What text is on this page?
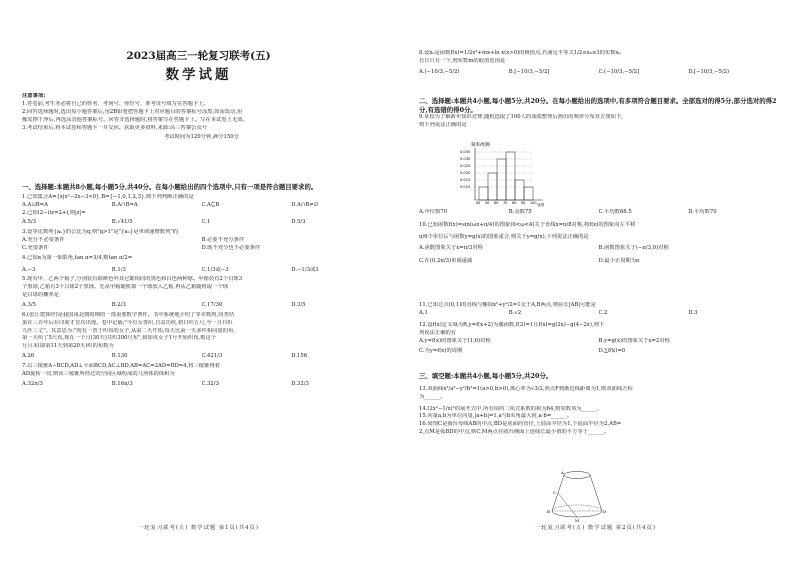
2023届高三一轮复习联考(五)
数学试题
注意事项:
1.答卷前,考生务必将自己的姓名、考场号、座位号、准考证号填写在答题卡上。
2.回答选择题时,选出每小题答案后,用2B铅笔把答题卡上对应题目的答案标号涂黑,如需改动,用
橡皮擦干净后,再选涂其他答案标号。回答非选择题时,将答案写在答题卡上。写在本试卷上无效。
3.考试结束后,将本试卷和答题卡一并交回。获取更多资料,来源:高三答案公众号
考试时间为120分钟,满分150分
一、选择题:本题共8小题,每小题5分,共40分。在每小题给出的四个选项中,只有一项是符合题目要求的。
1.已知集合A={x|x²−2x−3<0},B={−1,0,1,2,3},则下列判断正确的是
A.A∪B=A	B.A∩B=A	C.A⊆B	D.A∩B≠∅
2.已知(2−i)z=2+i,则|z|=
A.5/3	B.√41/5	C.1	D.5/3
3.设等比数列{aₙ}的公比为q,则"q>1"是"{aₙ}是单调递增数列"的
A.充分不必要条件	B.必要不充分条件
C.充要条件	D.既不充分也不必要条件
4.已知α为第一象限角,tan α=3/4,则tan α/2=
A.−3	B.1/3	C.1/3或−3	D.−1/3或3
5.现有甲、乙两个箱子,分别装有除颜色外其它都相同的黑色和白色两种球。甲箱装有2个白球3
个黑球,乙箱有3个白球2个黑球。先从甲箱随机取一个球放入乙箱,再从乙箱随机取一个球
是白球的概率是
A.3/5	B.2/3	C.17/30	D.3/5
6.(张丘建算经)是我国南北朝时期的一部重要数学著作。书中系统地介绍了等差数列,同类结
果在三百年后在印度才首次出现。卷中记载:"今有女善织,日益功疾,初日织五尺,今一月日织
九匹三丈"。其意思为:"现有一善于织布的女子,从第二天开始,每天比前一天多织相同量的布,
第一天织了5尺布,现在一个月(30天)共织390尺布",假如该女子1号开始织布,则这个
月月末(即第11天到第20天)织的布数为
A.26	B.130	C.421/3	D.156
7.以三棱锥A−BCD,AD⊥平面BCD,AC⊥BD,AB=AC=2AD=BD=4,将三棱锥绕着
AD旋转一周,则该三棱锥所经过的空间区域构成的几何体的体积为
A.32π/3	B.16π/3	C.32/3	D.32/3
一轮复习联考(五) 数学试题 第1页(共4页)
8.设x₀是函数f(x)=1/2x²+mx+ln x(x>0)的极值点,若满足不等式1/2≤x₀≤3的实数x₀
有且只有一个,则实数m的取值范围是
A.(−10/3,−5/2)	B.[−10/3,−5/2]	C.(−10/3,−5/2]	D.[−10/3,−5/2)
二、选择题:本题共4小题,每小题5分,共20分。在每小题给出的选项中,有多项符合题目要求。全部选对的得5分,部分选对的得2分,有选错的得0分。
9.某校为了解新年知识竞赛,随机选取了100人的成绩整理后画出的频率分布直方图如下,
则下列说法正确的是
频率/组距
0.035
0.030
0.025
0.020
0.015
0.010
40 50 60 70 80 90 100 成绩
A.中位数70	B.众数75	C.平均数68.5	D.平均数70
10.已知函数f(x)=sin(ωx+π/4)的图象(0<ω<4)关于直线x=π/8对称,将f(x)的图象向左平移
π/6个单位后与函数y=g(x)的图象重合,则关于y=g(x),下列说法正确的是
A.函数图象关于x=π/3对称	B.函数图象关于(−π/3,0)对称
C.在(0,2π/3)单调递减	D.最小正周期为π
11.已知过点(0,1)的直线与椭圆x²+y²/2=1交于A,B两点,则弦长|AB|可能是
A.1	B.√2	C.2	D.3
12.设f(x)定义域为R,y=f(x+2)为偶函数,f(2)=1且f(x)=g(2x)−g(4−2x),则下
列说法正确的有
A.y=f(x)的图象关于(1,0)对称	B.y=g(x)的图象关于x=2对称
C.为y=f(x)的周期	D.∑f(k)=0
三、填空题:本题共4小题,每小题5分,共20分。
13.双曲线x²/a²−y²/b²=1(a>0,b>0),离心率为√3/2,焦点F到渐近线距离为1,则双曲线方程
为______。
14.(2x²−1/x)ⁿ的展开式中,所有项的二项式系数的和为64,则常数项为______。
15.向量a,b为单位向量,|a+b|=1,a与b夹角最大时,a·b=______。
16.如图C是圆台母线AB的中点,BD是底面的直径,上底面半径为1,下底面半径为2,AB=
2,点M是弧BD的中点,则C,M两点在圆台侧面上连线长最小值的平方等于______。
A
C
B	D
M
一轮复习联考(五) 数学试题 第2页(共4页)
